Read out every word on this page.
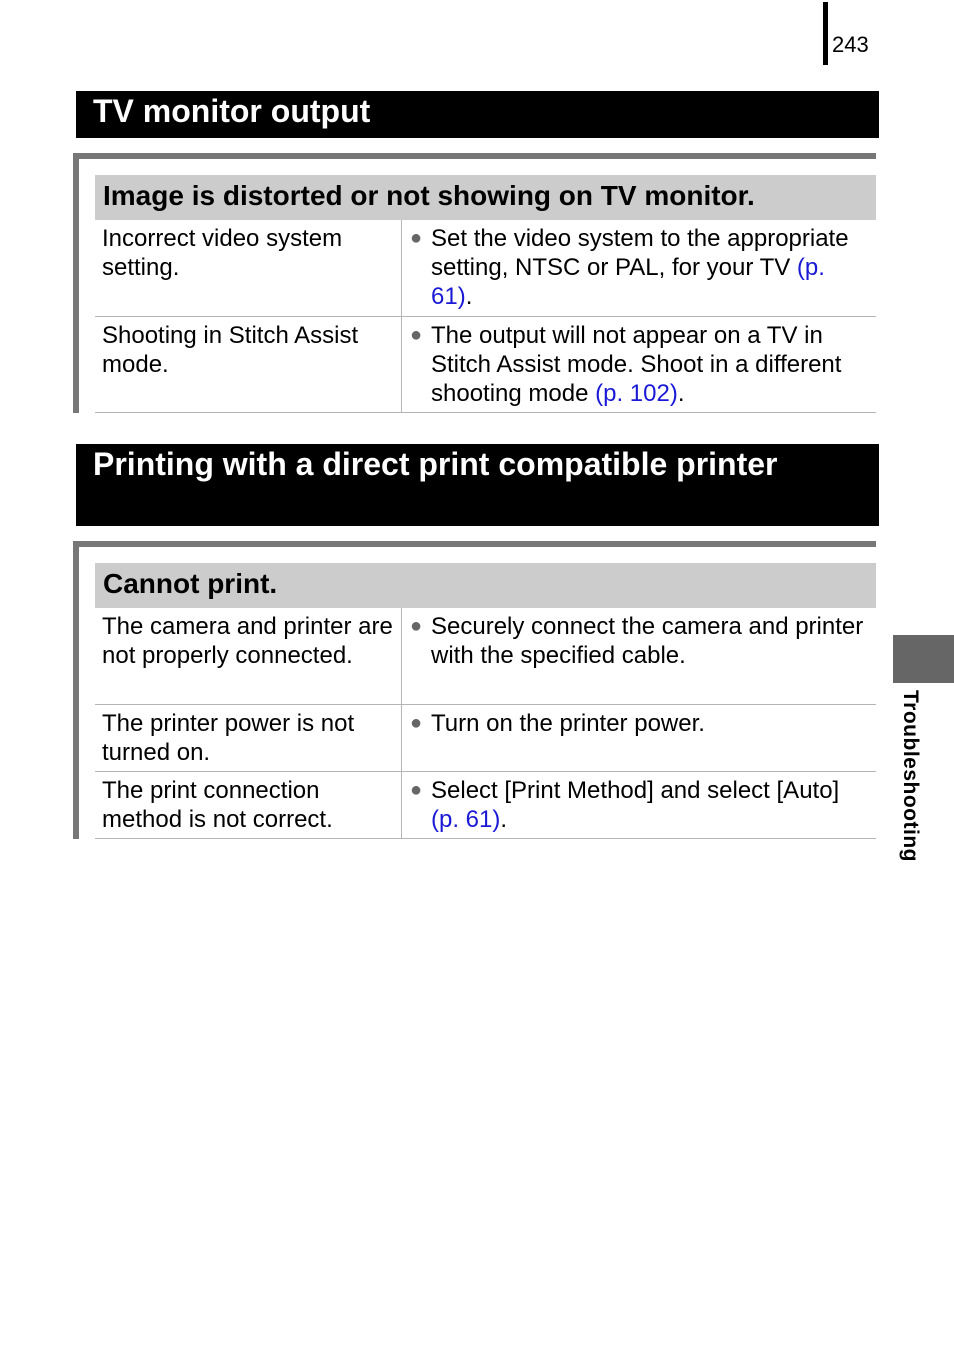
243
TV monitor output
Image is distorted or not showing on TV monitor.
Incorrect video system setting.
● Set the video system to the appropriate setting, NTSC or PAL, for your TV (p. 61).
Shooting in Stitch Assist mode.
● The output will not appear on a TV in Stitch Assist mode. Shoot in a different shooting mode (p. 102).
Printing with a direct print compatible printer
Cannot print.
The camera and printer are not properly connected.
● Securely connect the camera and printer with the specified cable.
The printer power is not turned on.
● Turn on the printer power.
The print connection method is not correct.
● Select [Print Method] and select [Auto] (p. 61).	Troubleshooting
